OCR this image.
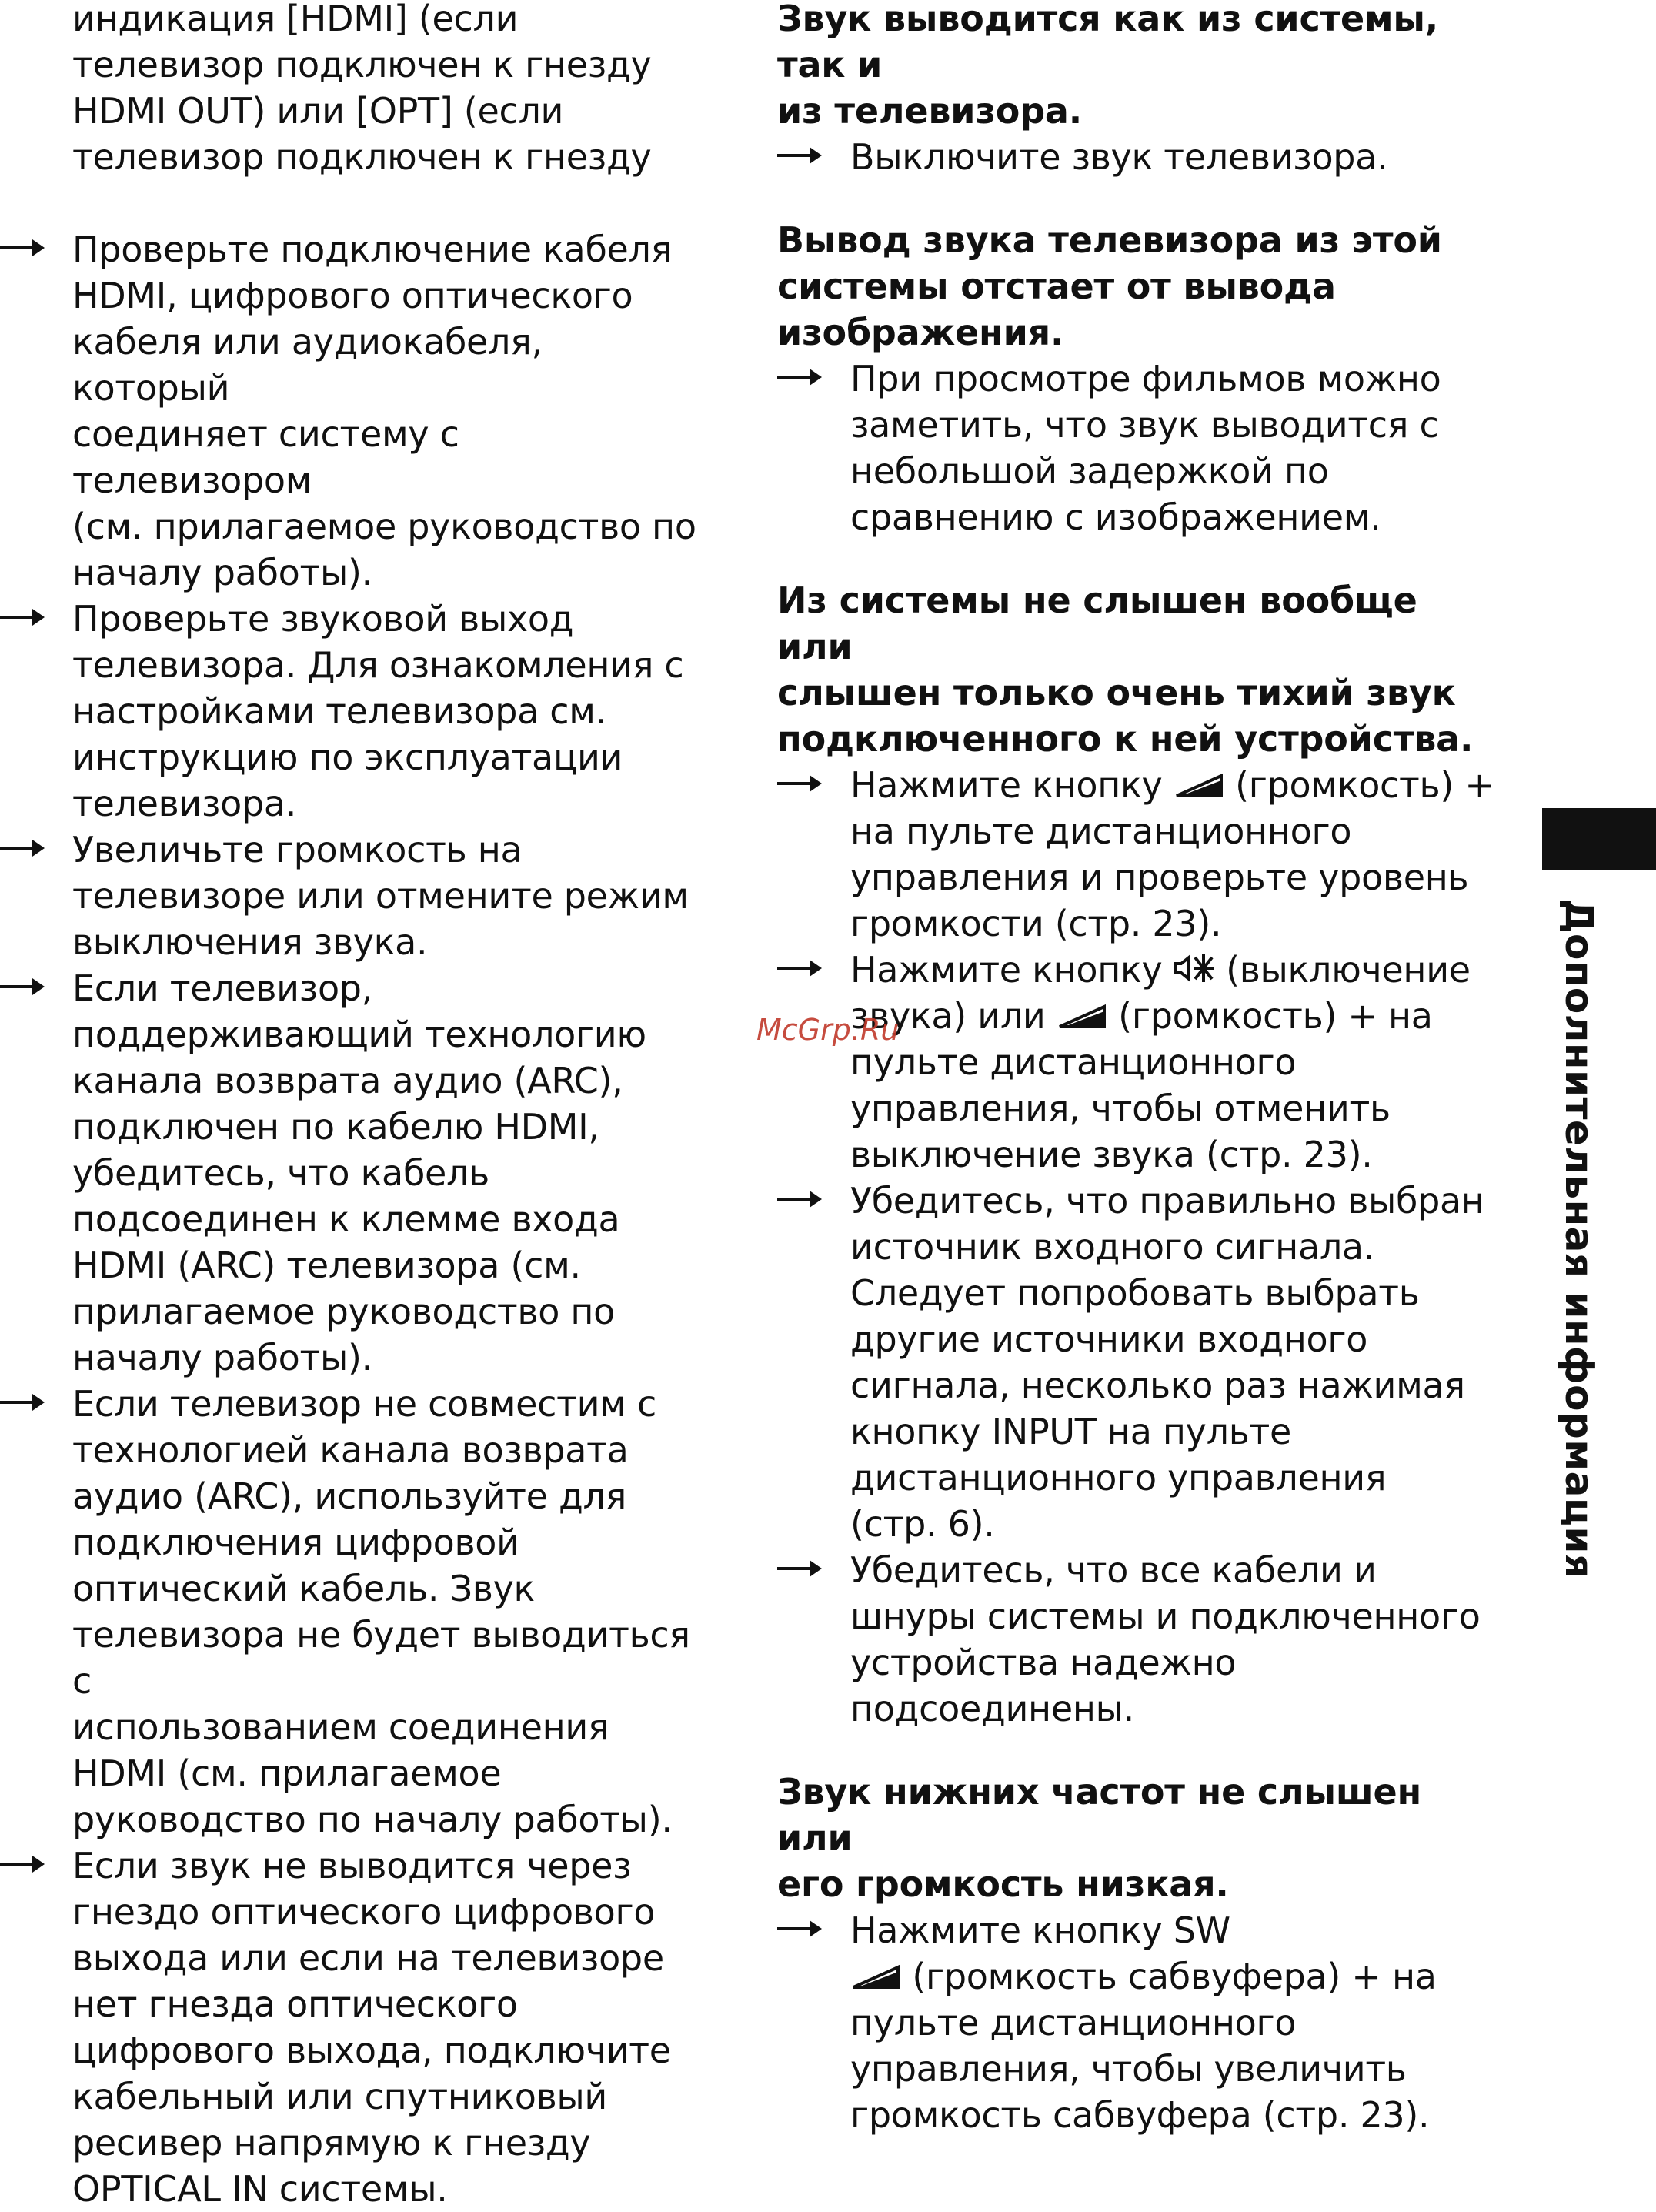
индикация [HDMI] (если
телевизор подключен к гнезду
HDMI OUT) или [OPT] (если
телевизор подключен к гнезду

Проверьте подключение кабеля
HDMI, цифрового оптического
кабеля или аудиокабеля, который
соединяет систему с телевизором
(см. прилагаемое руководство по
началу работы).
Проверьте звуковой выход
телевизора. Для ознакомления с
настройками телевизора см.
инструкцию по эксплуатации
телевизора.
Увеличьте громкость на
телевизоре или отмените режим
выключения звука.
Если телевизор,
поддерживающий технологию
канала возврата аудио (ARC),
подключен по кабелю HDMI,
убедитесь, что кабель
подсоединен к клемме входа
HDMI (ARC) телевизора (см.
прилагаемое руководство по
началу работы).
Если телевизор не совместим с
технологией канала возврата
аудио (ARC), используйте для
подключения цифровой
оптический кабель. Звук
телевизора не будет выводиться с
использованием соединения
HDMI (см. прилагаемое
руководство по началу работы).
Если звук не выводится через
гнездо оптического цифрового
выхода или если на телевизоре
нет гнезда оптического
цифрового выхода, подключите
кабельный или спутниковый
ресивер напрямую к гнезду
OPTICAL IN системы.

Звук выводится как из системы, так и
из телевизора.

Выключите звук телевизора.

Вывод звука телевизора из этой
системы отстает от вывода
изображения.

При просмотре фильмов можно
заметить, что звук выводится с
небольшой задержкой по
сравнению с изображением.

Из системы не слышен вообще или
слышен только очень тихий звук
подключенного к ней устройства.

Нажмите кнопку  (громкость) +
на пульте дистанционного
управления и проверьте уровень
громкости (стр. 23).
Нажмите кнопку  (выключение
звука) или  (громкость) + на
пульте дистанционного
управления, чтобы отменить
выключение звука (стр. 23).
Убедитесь, что правильно выбран
источник входного сигнала.
Следует попробовать выбрать
другие источники входного
сигнала, несколько раз нажимая
кнопку INPUT на пульте
дистанционного управления
(стр. 6).
Убедитесь, что все кабели и
шнуры системы и подключенного
устройства надежно
подсоединены.

Звук нижних частот не слышен или
его громкость низкая.

Нажмите кнопку SW
(громкость сабвуфера) + на
пульте дистанционного
управления, чтобы увеличить
громкость сабвуфера (стр. 23).
Дополнительная информация
McGrp.Ru
